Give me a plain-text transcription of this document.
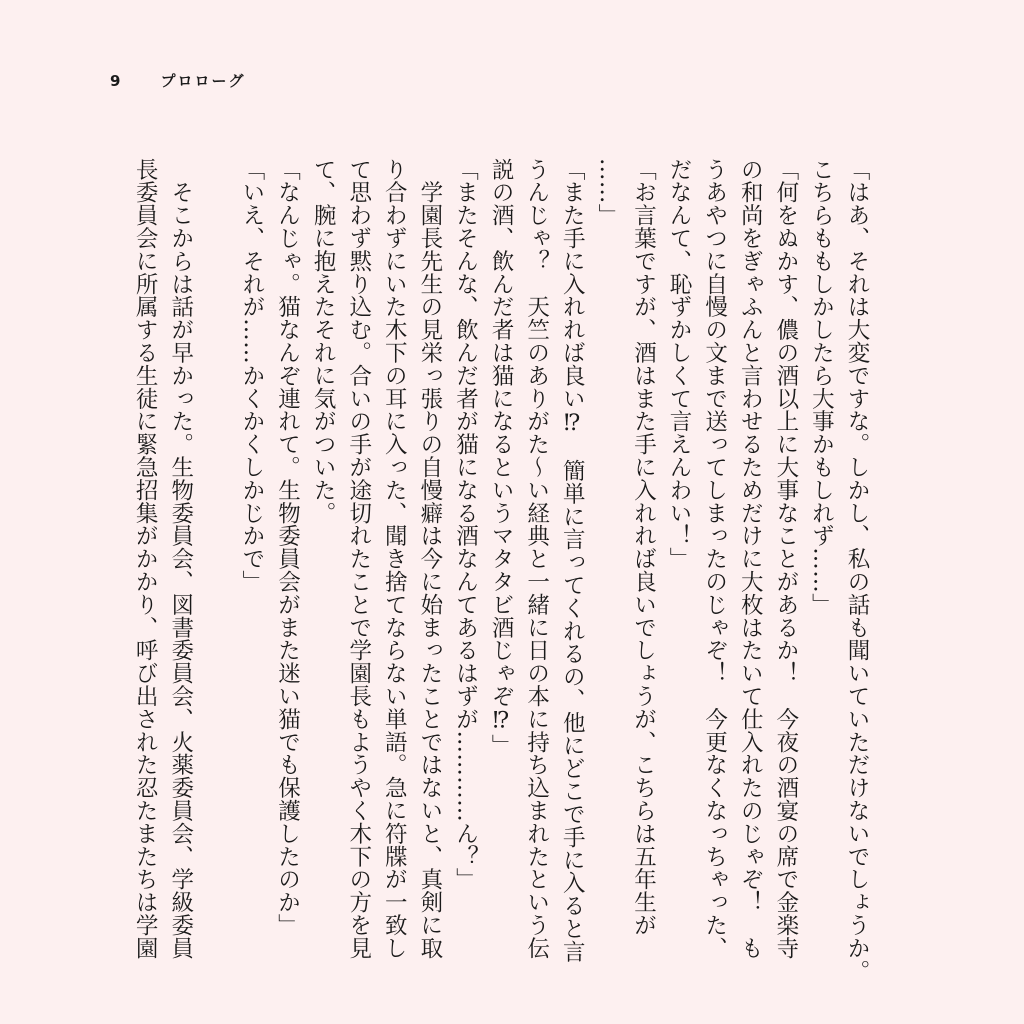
9	プロローグ
「はあ、それは大変ですな。しかし、私の話も聞いていただけないでしょうか。
こちらももしかしたら大事かもしれず……」
「何をぬかす、儂の酒以上に大事なことがあるか！　今夜の酒宴の席で金楽寺
の和尚をぎゃふんと言わせるためだけに大枚はたいて仕入れたのじゃぞ！　も
うあやつに自慢の文まで送ってしまったのじゃぞ！　今更なくなっちゃった、
だなんて、恥ずかしくて言えんわい！」
「お言葉ですが、酒はまた手に入れれば良いでしょうが、こちらは五年生が
……」
「また手に入れれば良い⁉　簡単に言ってくれるの、他にどこで手に入ると言
うんじゃ？　天竺のありがた〜い経典と一緒に日の本に持ち込まれたという伝
説の酒、飲んだ者は猫になるというマタタビ酒じゃぞ⁉」
「またそんな、飲んだ者が猫になる酒なんてあるはずが…………ん？」
　学園長先生の見栄っ張りの自慢癖は今に始まったことではないと、真剣に取
り合わずにいた木下の耳に入った、聞き捨てならない単語。急に符牒が一致し
て思わず黙り込む。合いの手が途切れたことで学園長もようやく木下の方を見
て、腕に抱えたそれに気がついた。
「なんじゃ。猫なんぞ連れて。生物委員会がまた迷い猫でも保護したのか」
「いえ、それが……かくかくしかじかで」
　そこからは話が早かった。生物委員会、図書委員会、火薬委員会、学級委員
長委員会に所属する生徒に緊急招集がかかり、呼び出された忍たまたちは学園
